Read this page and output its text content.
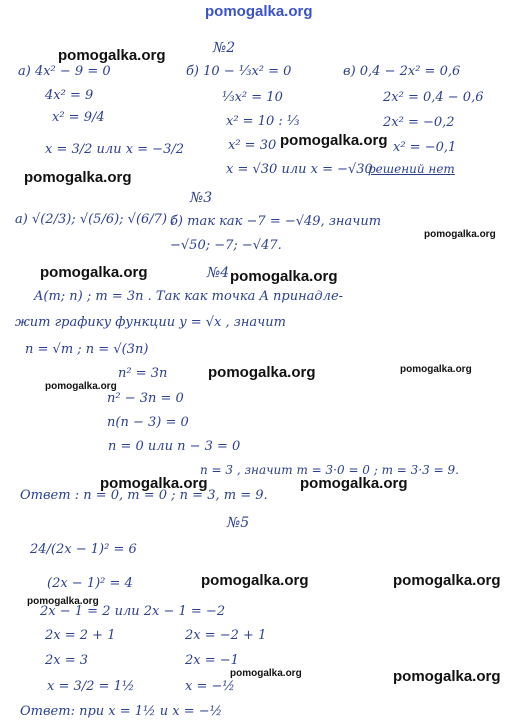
pomogalka.org
№2
а) 4x² − 9 = 0
4x² = 9
x² = 9/4
x = 3/2 или x = −3/2
б) 10 − ⅓x² = 0
⅓x² = 10
x² = 10 : ⅓
x² = 30
x = √30 или x = −√30
в) 0,4 − 2x² = 0,6
2x² = 0,4 − 0,6
2x² = −0,2
x² = −0,1
решений нет
№3
а) √(2/3); √(5/6); √(6/7) ;
б) так как −7 = −√49, значит
−√50; −7; −√47.
№4
A(m; n) ; m = 3n . Так как точка A принадле-
жит графику функции y = √x , значит
n = √m ; n = √(3n)
n² = 3n
n² − 3n = 0
n(n − 3) = 0
n = 0 или n − 3 = 0
n = 3 , значит m = 3·0 = 0 ; m = 3·3 = 9.
Ответ : n = 0, m = 0 ; n = 3, m = 9.
№5
24/(2x − 1)² = 6
(2x − 1)² = 4
2x − 1 = 2 или 2x − 1 = −2
2x = 2 + 1	2x = −2 + 1
2x = 3	2x = −1
x = 3/2 = 1½	x = −½
Ответ: при x = 1½ и x = −½
pomogalka.org
pomogalka.org
pomogalka.org
pomogalka.org
pomogalka.org	pomogalka.org
pomogalka.org	pomogalka.org
pomogalka.org
pomogalka.org	pomogalka.org
pomogalka.org	pomogalka.org
pomogalka.org
pomogalka.org	pomogalka.org
